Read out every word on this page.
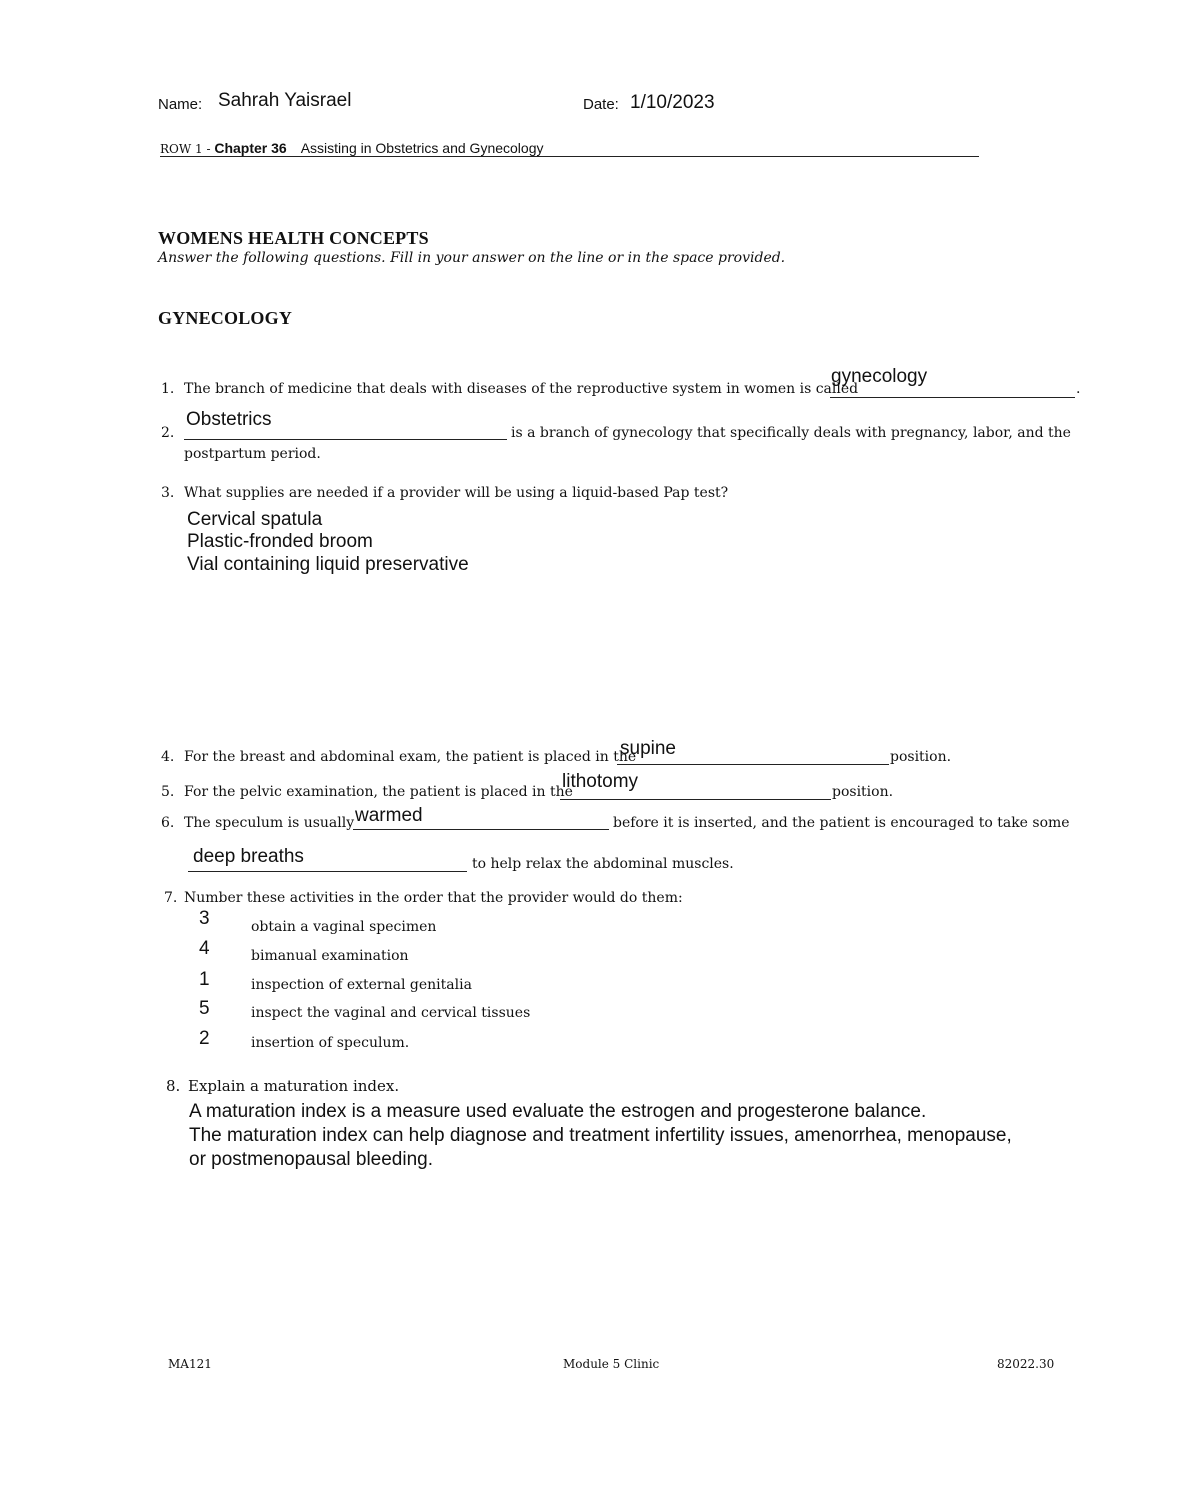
Name: Sahrah Yaisrael	Date: 1/10/2023
ROW 1 - Chapter 36 Assisting in Obstetrics and Gynecology
WOMENS HEALTH CONCEPTS
Answer the following questions. Fill in your answer on the line or in the space provided.
GYNECOLOGY
1. The branch of medicine that deals with diseases of the reproductive system in women is called
gynecology
.
2.
Obstetrics
is a branch of gynecology that specifically deals with pregnancy, labor, and the
postpartum period.
3. What supplies are needed if a provider will be using a liquid-based Pap test?
Cervical spatula
Plastic-fronded broom
Vial containing liquid preservative
4. For the breast and abdominal exam, the patient is placed in the
supine	position.
5. For the pelvic examination, the patient is placed in the
lithotomy	position.
6. The speculum is usually warmed	before it is inserted, and the patient is encouraged to take some
deep breaths	to help relax the abdominal muscles.
7. Number these activities in the order that the provider would do them:
3	obtain a vaginal specimen
4	bimanual examination
1	inspection of external genitalia
5	inspect the vaginal and cervical tissues
2	insertion of speculum.
8. Explain a maturation index.
A maturation index is a measure used evaluate the estrogen and progesterone balance.
The maturation index can help diagnose and treatment infertility issues, amenorrhea, menopause,
or postmenopausal bleeding.
MA121	Module 5 Clinic	82022.30
